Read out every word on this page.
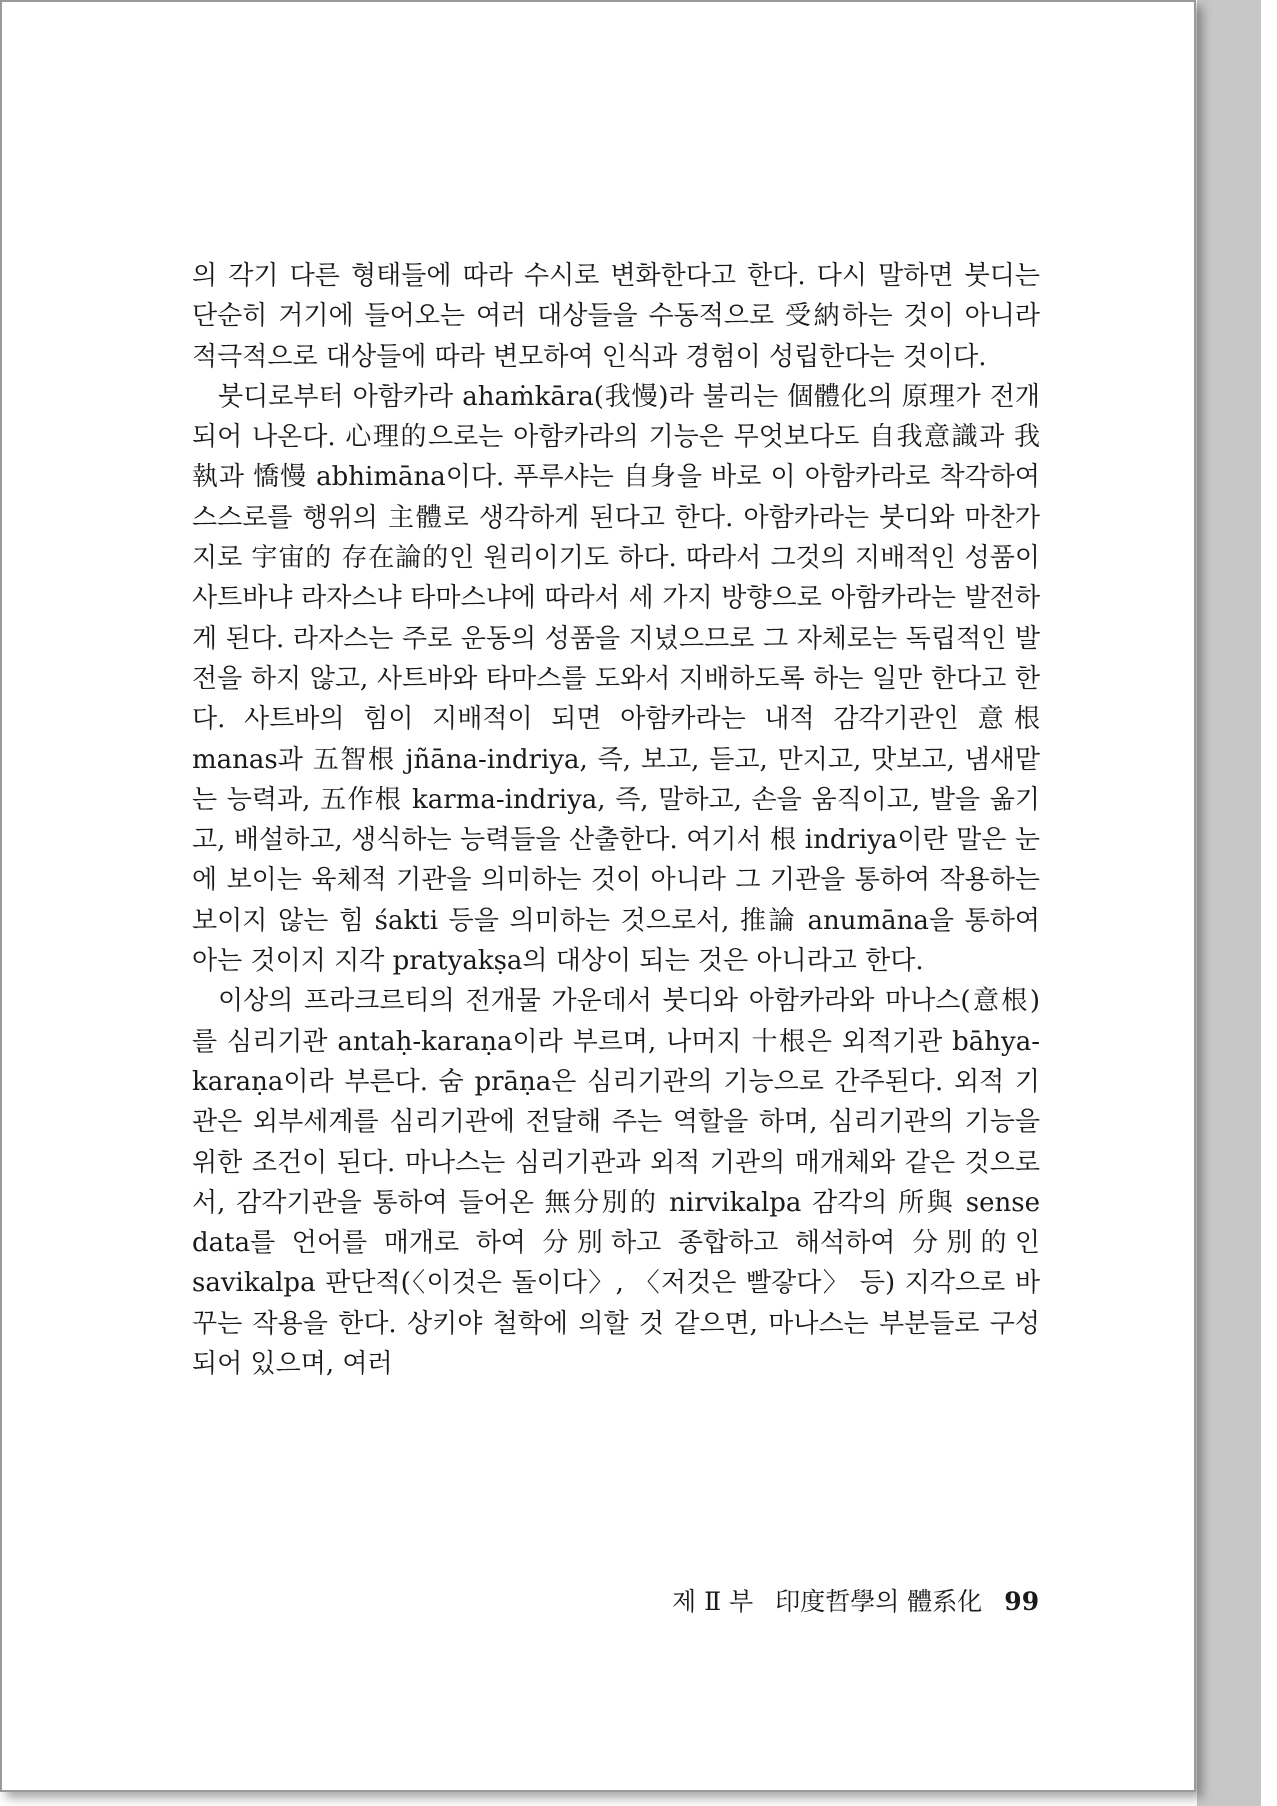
의 각기 다른 형태들에 따라 수시로 변화한다고 한다. 다시 말하면 붓디는 단순히 거기에 들어오는 여러 대상들을 수동적으로 受納하는 것이 아니라 적극적으로 대상들에 따라 변모하여 인식과 경험이 성립한다는 것이다.

붓디로부터 아함카라 ahaṁkāra(我慢)라 불리는 個體化의 原理가 전개되어 나온다. 心理的으로는 아함카라의 기능은 무엇보다도 自我意識과 我執과 憍慢 abhimāna이다. 푸루샤는 自身을 바로 이 아함카라로 착각하여 스스로를 행위의 主體로 생각하게 된다고 한다. 아함카라는 붓디와 마찬가지로 宇宙的 存在論的인 원리이기도 하다. 따라서 그것의 지배적인 성품이 사트바냐 라자스냐 타마스냐에 따라서 세 가지 방향으로 아함카라는 발전하게 된다. 라자스는 주로 운동의 성품을 지녔으므로 그 자체로는 독립적인 발전을 하지 않고, 사트바와 타마스를 도와서 지배하도록 하는 일만 한다고 한다. 사트바의 힘이 지배적이 되면 아함카라는 내적 감각기관인 意根 manas과 五智根 jñāna-indriya, 즉, 보고, 듣고, 만지고, 맛보고, 냄새맡는 능력과, 五作根 karma-indriya, 즉, 말하고, 손을 움직이고, 발을 옮기고, 배설하고, 생식하는 능력들을 산출한다. 여기서 根 indriya이란 말은 눈에 보이는 육체적 기관을 의미하는 것이 아니라 그 기관을 통하여 작용하는 보이지 않는 힘 śakti 등을 의미하는 것으로서, 推論 anumāna을 통하여 아는 것이지 지각 pratyakṣa의 대상이 되는 것은 아니라고 한다.

이상의 프라크르티의 전개물 가운데서 붓디와 아함카라와 마나스(意根)를 심리기관 antaḥ-karaṇa이라 부르며, 나머지 十根은 외적기관 bāhya-karaṇa이라 부른다. 숨 prāṇa은 심리기관의 기능으로 간주된다. 외적 기관은 외부세계를 심리기관에 전달해 주는 역할을 하며, 심리기관의 기능을 위한 조건이 된다. 마나스는 심리기관과 외적 기관의 매개체와 같은 것으로서, 감각기관을 통하여 들어온 無分別的 nirvikalpa 감각의 所與 sense data를 언어를 매개로 하여 分別하고 종합하고 해석하여 分別的인 savikalpa 판단적(〈이것은 돌이다〉, 〈저것은 빨갛다〉 등) 지각으로 바꾸는 작용을 한다. 상키야 철학에 의할 것 같으면, 마나스는 부분들로 구성되어 있으며, 여러

제 Ⅱ 부 印度哲學의 體系化 99
